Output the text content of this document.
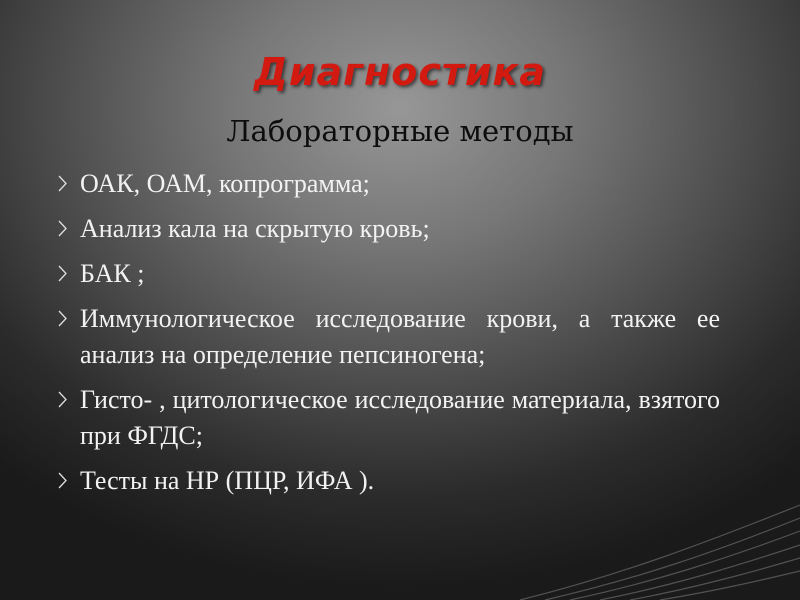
Диагностика
Лабораторные методы
ОАК, ОАМ, копрограмма;
Анализ кала на скрытую кровь;
БАК ;
Иммунологическое исследование крови, а также ее анализ на определение пепсиногена;
Гисто- , цитологическое исследование материала, взятого при ФГДС;
Тесты на НР (ПЦР, ИФА ).
